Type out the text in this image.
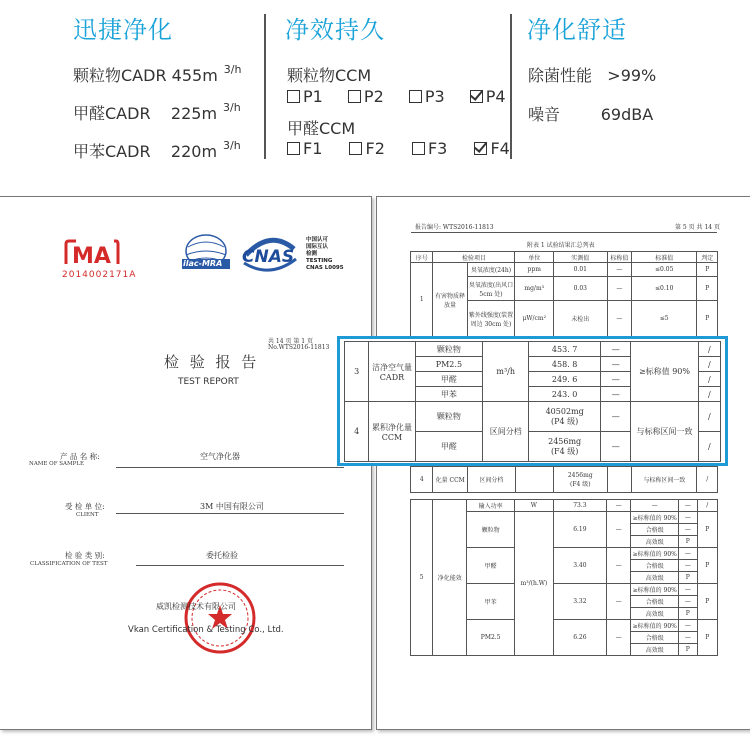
迅捷净化	净效持久	净化舒适
颗粒物CADR 455m $^{3/h}$
甲醛CADR 225m $^{3/h}$
甲苯CADR 220m $^{3/h}$
颗粒物CCM
P1	P2	P3	P4
甲醛CCM
F1	F2	F3	F4
除菌性能 >99%
噪音	69dBA
MA
2014002171A
ilac-MRA CNAS
中国认可
国际互认
检测
TESTING
CNAS L0095
共 14 页 第 1 页
No.WTS2016-11813
检 验 报 告
TEST REPORT
产 品 名 称:
NAME OF SAMPLE
空气净化器
受 检 单 位:
CLIENT
3M 中国有限公司
检 验 类 别:
CLASSIFICATION OF TEST
委托检验
威凯检测技术有限公司
Vkan Certification & Testing Co., Ltd.
报告编号: WTS2016-11813	第 5 页 共 14 页
附表 1 试验结果汇总列表
序号	检验项目		单位	实测值	标称值	标准值	判定
1	有害物质释放量	臭氧浓度(24h)	ppm	0.01	—	≤0.05	P
		臭氧浓度(出风口 5cm 处)	mg/m³	0.03	—	≤0.10	P
		紫外线强度(装置周边 30cm 处)	μW/cm²	未检出	—	≤5	P
4	化量 CCM	区间分档		
2456mg
(F4 级)		与标称区间一致	/
5	净化能效	输入功率	W	73.3	—	—	—	/
		颗粒物	m³/(h.W)	6.19	—	≥标称值的 90%	—	P
						合格级	—	
						高效级	P	
		甲醛		3.40	—	≥标称值的 90%	—	P
						合格级	—	
						高效级	P	
		甲苯		3.32	—	≥标称值的 90%	—	P
						合格级	—	
						高效级	P	
		PM2.5		6.26	—	≥标称值的 90%	—	P
						合格级	—	
						高效级	P	
3	洁净空气量 CADR	颗粒物	m³/h	453. 7	—	≥标称值 90%	/
		PM2.5		458. 8	—		/
		甲醛		249. 6	—		/
		甲苯		243. 0	—		/
4	累积净化量 CCM	颗粒物	区间分档	40502mg
(P4 级)	—	与标称区间一致	/
		甲醛		2456mg
(F4 级)	—		/
